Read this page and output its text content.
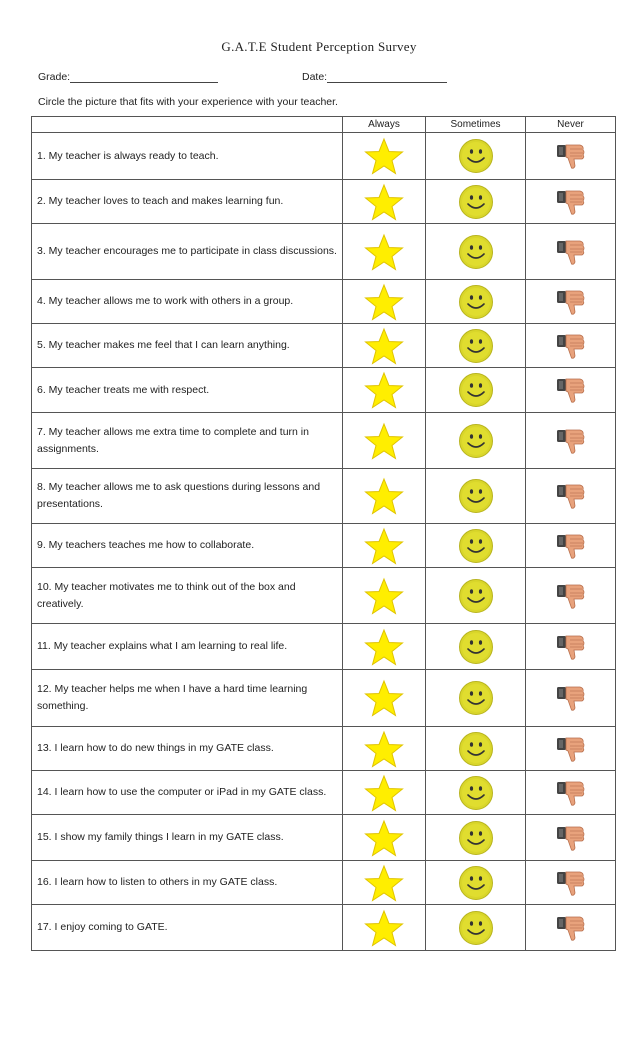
G.A.T.E Student Perception Survey
Grade:	Date:
Circle the picture that fits with your experience with your teacher.
	Always	Sometimes	Never
1. My teacher is always ready to teach.	

2. My teacher loves to teach and makes learning fun.	

3. My teacher encourages me to participate in class discussions.	

4. My teacher allows me to work with others in a group.	

5. My teacher makes me feel that I can learn anything.	

6. My teacher treats me with respect.	

7. My teacher allows me extra time to complete and turn in assignments.	

8. My teacher allows me to ask questions during lessons and presentations.	

9. My teachers teaches me how to collaborate.	

10. My teacher motivates me to think out of the box and creatively.	

11. My teacher explains what I am learning to real life.	

12. My teacher helps me when I have a hard time learning something.	

13. I learn how to do new things in my GATE class.	

14. I learn how to use the computer or iPad in my GATE class.	

15. I show my family things I learn in my GATE class.	

16. I learn how to listen to others in my GATE class.	

17. I enjoy coming to GATE.	
